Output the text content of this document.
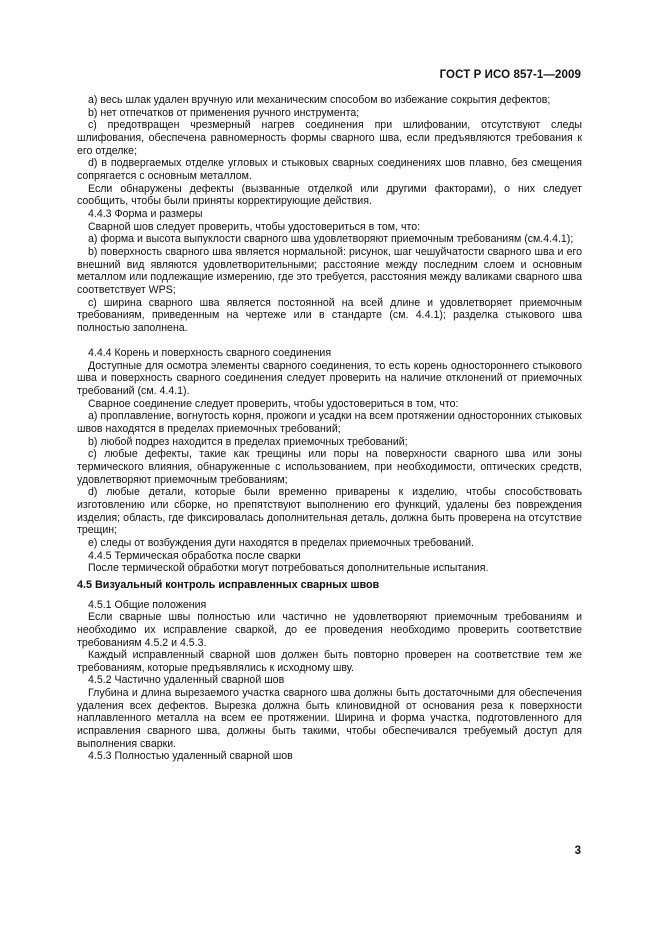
ГОСТ Р ИСО 857-1—2009

а) весь шлак удален вручную или механическим способом во избежание сокрытия дефектов;

b) нет отпечатков от применения ручного инструмента;

c) предотвращен чрезмерный нагрев соединения при шлифовании, отсутствуют следы шлифования, обеспечена равномерность формы сварного шва, если предъявляются требования к его отделке;

d) в подвергаемых отделке угловых и стыковых сварных соединениях шов плавно, без смещения сопрягается с основным металлом.

Если обнаружены дефекты (вызванные отделкой или другими факторами), о них следует сообщить, чтобы были приняты корректирующие действия.

4.4.3 Форма и размеры

Сварной шов следует проверить, чтобы удостовериться в том, что:

а) форма и высота выпуклости сварного шва удовлетворяют приемочным требованиям (см.4.4.1);

b) поверхность сварного шва является нормальной: рисунок, шаг чешуйчатости сварного шва и его внешний вид являются удовлетворительными; расстояние между последним слоем и основным металлом или подлежащие измерению, где это требуется, расстояния между валиками сварного шва соответствует WPS;

c) ширина сварного шва является постоянной на всей длине и удовлетворяет приемочным требованиям, приведенным на чертеже или в стандарте (см. 4.4.1); разделка стыкового шва полностью заполнена.

4.4.4 Корень и поверхность сварного соединения

Доступные для осмотра элементы сварного соединения, то есть корень одностороннего стыкового шва и поверхность сварного соединения следует проверить на наличие отклонений от приемочных требований (см. 4.4.1).

Сварное соединение следует проверить, чтобы удостовериться в том, что:

а) проплавление, вогнутость корня, прожоги и усадки на всем протяжении односторонних стыковых швов находятся в пределах приемочных требований;

b) любой подрез находится в пределах приемочных требований;

c) любые дефекты, такие как трещины или поры на поверхности сварного шва или зоны термического влияния, обнаруженные с использованием, при необходимости, оптических средств, удовлетворяют приемочным требованиям;

d) любые детали, которые были временно приварены к изделию, чтобы способствовать изготовлению или сборке, но препятствуют выполнению его функций, удалены без повреждения изделия; область, где фиксировалась дополнительная деталь, должна быть проверена на отсутствие трещин;

e) следы от возбуждения дуги находятся в пределах приемочных требований.

4.4.5 Термическая обработка после сварки

После термической обработки могут потребоваться дополнительные испытания.

4.5 Визуальный контроль исправленных сварных швов

4.5.1 Общие положения

Если сварные швы полностью или частично не удовлетворяют приемочным требованиям и необходимо их исправление сваркой, до ее проведения необходимо проверить соответствие требованиям 4.5.2 и 4.5.3.

Каждый исправленный сварной шов должен быть повторно проверен на соответствие тем же требованиям, которые предъявлялись к исходному шву.

4.5.2 Частично удаленный сварной шов

Глубина и длина вырезаемого участка сварного шва должны быть достаточными для обеспечения удаления всех дефектов. Вырезка должна быть клиновидной от основания реза к поверхности наплавленного металла на всем ее протяжении. Ширина и форма участка, подготовленного для исправления сварного шва, должны быть такими, чтобы обеспечивался требуемый доступ для выполнения сварки.

4.5.3 Полностью удаленный сварной шов

3
